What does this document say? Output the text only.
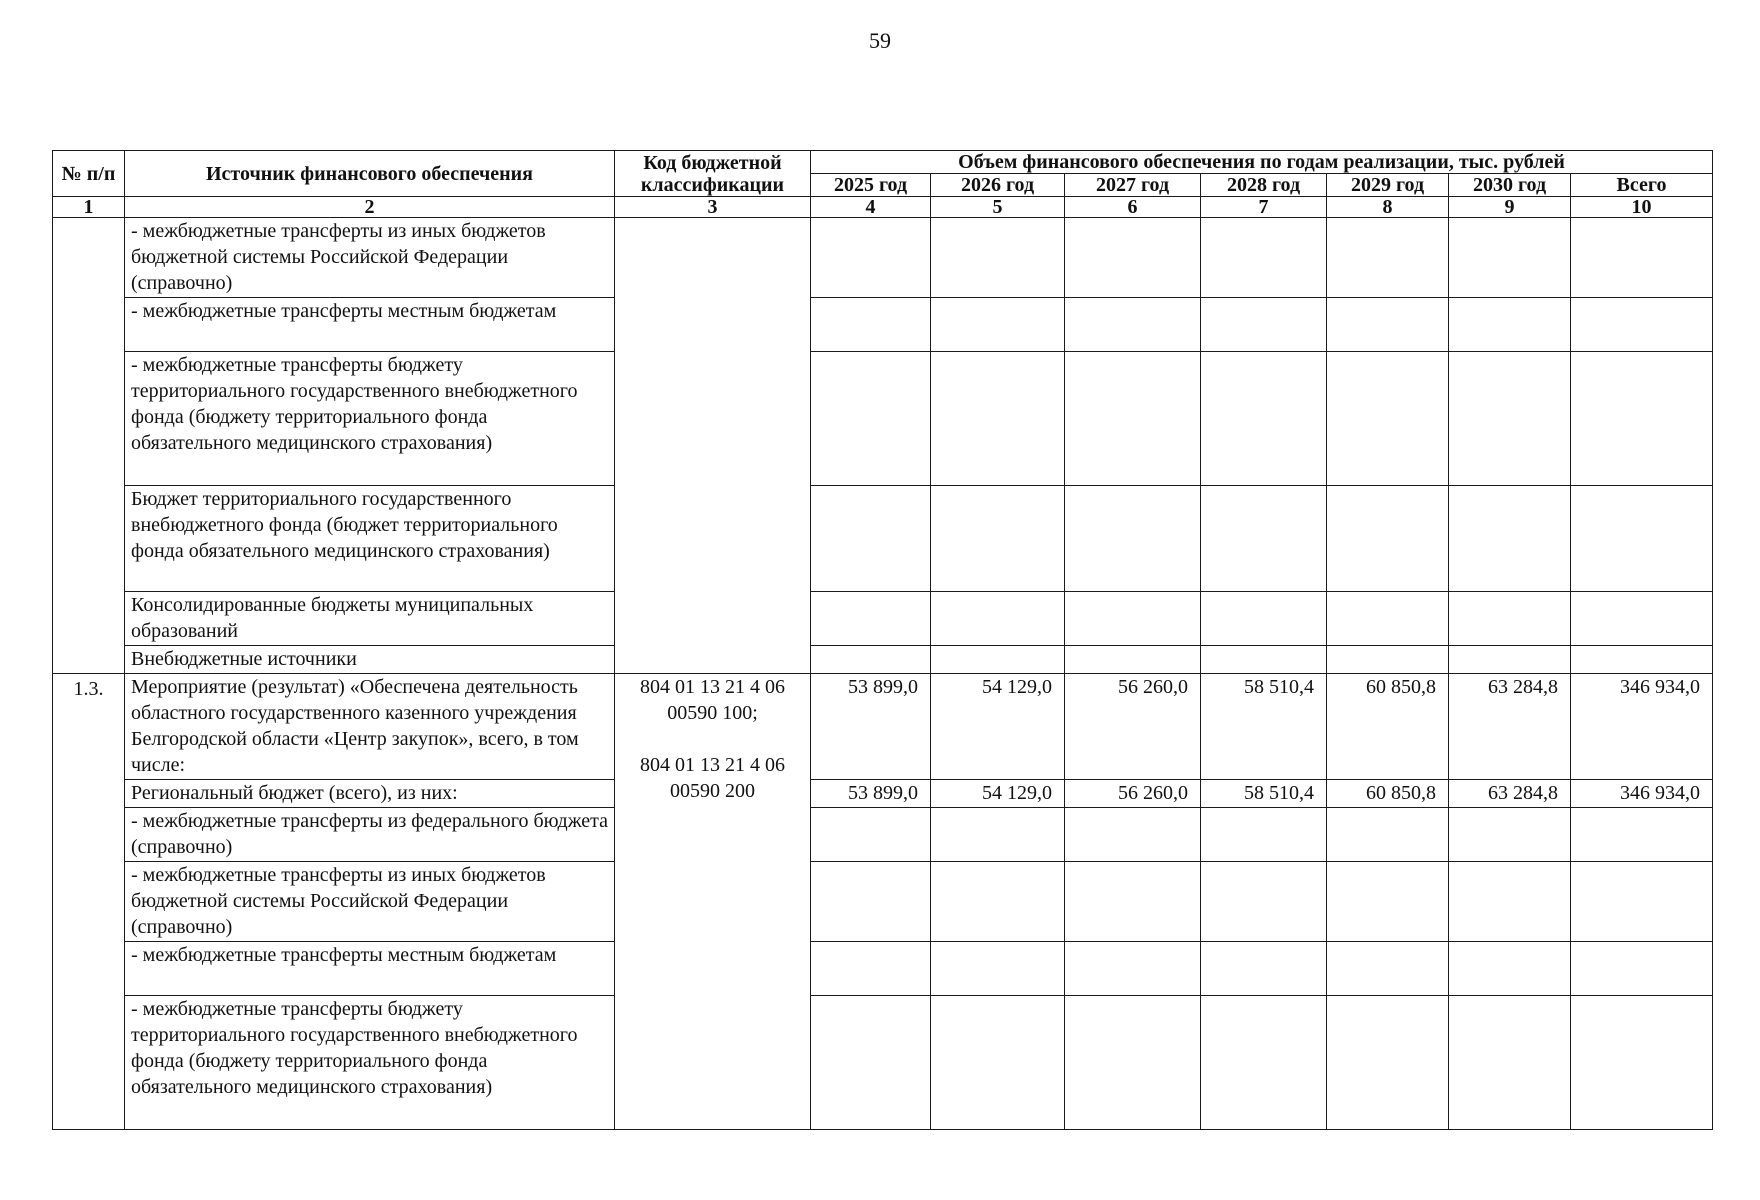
59
№ п/п	Источник финансового обеспечения	Код бюджетной классификации	Объем финансового обеспечения по годам реализации, тыс. рублей						
			2025 год	2026 год	2027 год	2028 год	2029 год	2030 год	Всего
1	2	3	4	5	6	7	8	9	10
	- межбюджетные трансферты из иных бюджетов бюджетной системы Российской Федерации (справочно)								
	- межбюджетные трансферты местным бюджетам								
	- межбюджетные трансферты бюджету территориального государственного внебюджетного фонда (бюджету территориального фонда обязательного медицинского страхования)								
	Бюджет территориального государственного внебюджетного фонда (бюджет территориального фонда обязательного медицинского страхования)								
	Консолидированные бюджеты муниципальных образований								
	Внебюджетные источники								
1.3.	Мероприятие (результат) «Обеспечена деятельность областного государственного казенного учреждения Белгородской области «Центр закупок», всего, в том числе:	804 01 13 21 4 06
00590 100;
804 01 13 21 4 06
00590 200	53 899,0	54 129,0	56 260,0	58 510,4	60 850,8	63 284,8	346 934,0
	Региональный бюджет (всего), из них:		53 899,0	54 129,0	56 260,0	58 510,4	60 850,8	63 284,8	346 934,0
	- межбюджетные трансферты из федерального бюджета (справочно)								
	- межбюджетные трансферты из иных бюджетов бюджетной системы Российской Федерации (справочно)								
	- межбюджетные трансферты местным бюджетам								
	- межбюджетные трансферты бюджету территориального государственного внебюджетного фонда (бюджету территориального фонда обязательного медицинского страхования)								
